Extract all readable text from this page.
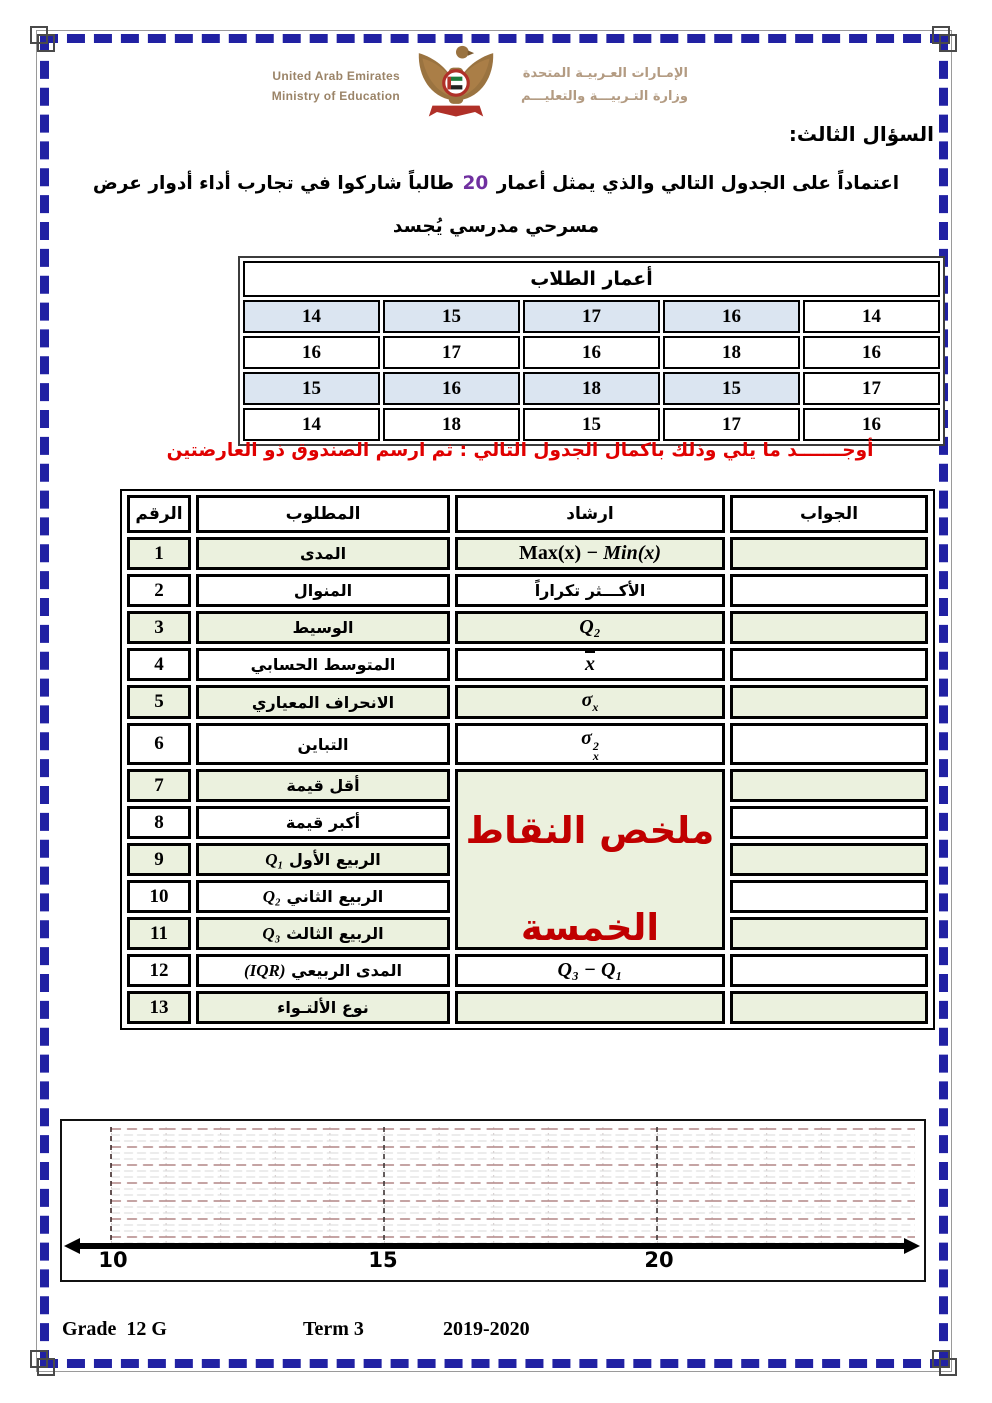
United Arab Emirates
Ministry of Education
الإمـارات العـربيـة المتحدة
وزارة التـربيـــة والتعليـــم
السؤال الثالث:
اعتماداً على الجدول التالي والذي يمثل أعمار 20 طالباً شاركوا في تجارب أداء أدوار عرض مسرحي مدرسي يُجسد
أعمار الطلاب				
14	15	17	16	14
16	17	16	18	16
15	16	18	15	17
14	18	15	17	16
أوجـــــــد ما يلي وذلك باكمال الجدول التالي : ثم ارسم الصندوق ذو العارضتين
الرقم	المطلوب	ارشاد	الجواب
1	المدى	Max(x) − Min(x)	
2	المنوال	الأكـــثر تكراراً	
3	الوسيط	Q₂	
4	المتوسط الحسابي	$\overline{x}$	
5	الانحراف المعياري	$\sigma_x$	
6	التباين	σ 2
x	

7	أقل قيمة	ملخص النقاط
الخمسة	

8	أكبر قيمة		
9	الربيع الأول Q₁		
10	الربيع الثاني Q₂		
11	الربيع الثالث Q₃		
12	المدى الربيعي (IQR)	Q₃ − Q₁	
13	نوع الألتـواء		
10	15	20
Grade  12 G	Term 3	2019-2020
